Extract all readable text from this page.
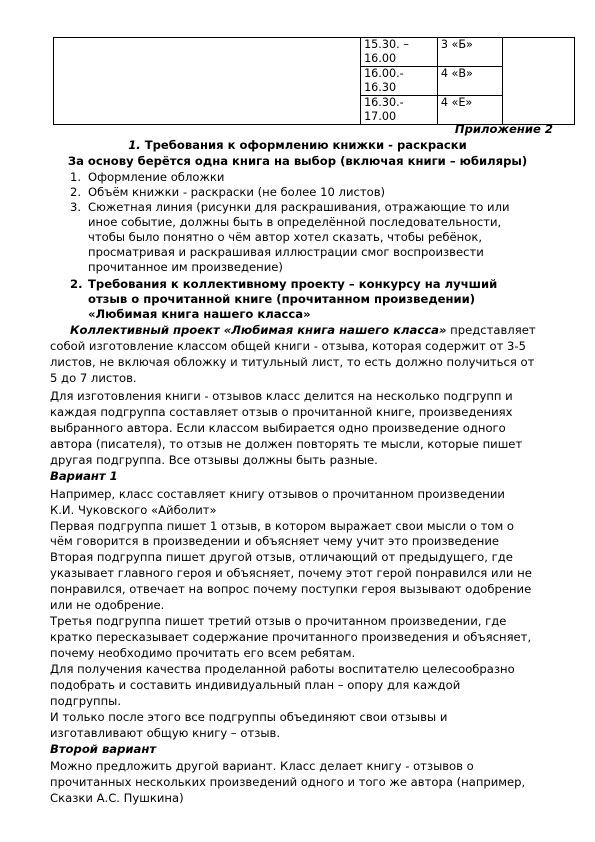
	15.30. –
16.00	3 «Б»	

	16.00.-
16.30	4 «В»	

	16.30.-
17.00	4 «Е»	
Приложение 2
1. Требования к оформлению книжки - раскраски
За основу берётся одна книга на выбор (включая книги – юбиляры)
1. Оформление обложки
2. Объём книжки - раскраски (не более 10 листов)
3. Сюжетная линия (рисунки для раскрашивания, отражающие то или
иное событие, должны быть в определённой последовательности,
чтобы было понятно о чём автор хотел сказать, чтобы ребёнок,
просматривая и раскрашивая иллюстрации смог воспроизвести
прочитанное им произведение)
2. Требования к коллективному проекту – конкурсу на лучший
отзыв о прочитанной книге (прочитанном произведении)
«Любимая книга нашего класса»
Коллективный проект «Любимая книга нашего класса» представляет
собой изготовление классом общей книги - отзыва, которая содержит от 3-5
листов, не включая обложку и титульный лист, то есть должно получиться от
5 до 7 листов.
Для изготовления книги - отзывов класс делится на несколько подгрупп и
каждая подгруппа составляет отзыв о прочитанной книге, произведениях
выбранного автора. Если классом выбирается одно произведение одного
автора (писателя), то отзыв не должен повторять те мысли, которые пишет
другая подгруппа. Все отзывы должны быть разные.
Вариант 1
Например, класс составляет книгу отзывов о прочитанном произведении
К.И. Чуковского «Айболит»
Первая подгруппа пишет 1 отзыв, в котором выражает свои мысли о том о
чём говорится в произведении и объясняет чему учит это произведение
Вторая подгруппа пишет другой отзыв, отличающий от предыдущего, где
указывает главного героя и объясняет, почему этот герой понравился или не
понравился, отвечает на вопрос почему поступки героя вызывают одобрение
или не одобрение.
Третья подгруппа пишет третий отзыв о прочитанном произведении, где
кратко пересказывает содержание прочитанного произведения и объясняет,
почему необходимо прочитать его всем ребятам.
Для получения качества проделанной работы воспитателю целесообразно
подобрать и составить индивидуальный план – опору для каждой
подгруппы.
И только после этого все подгруппы объединяют свои отзывы и
изготавливают общую книгу – отзыв.
Второй вариант
Можно предложить другой вариант. Класс делает книгу - отзывов о
прочитанных нескольких произведений одного и того же автора (например,
Сказки А.С. Пушкина)
